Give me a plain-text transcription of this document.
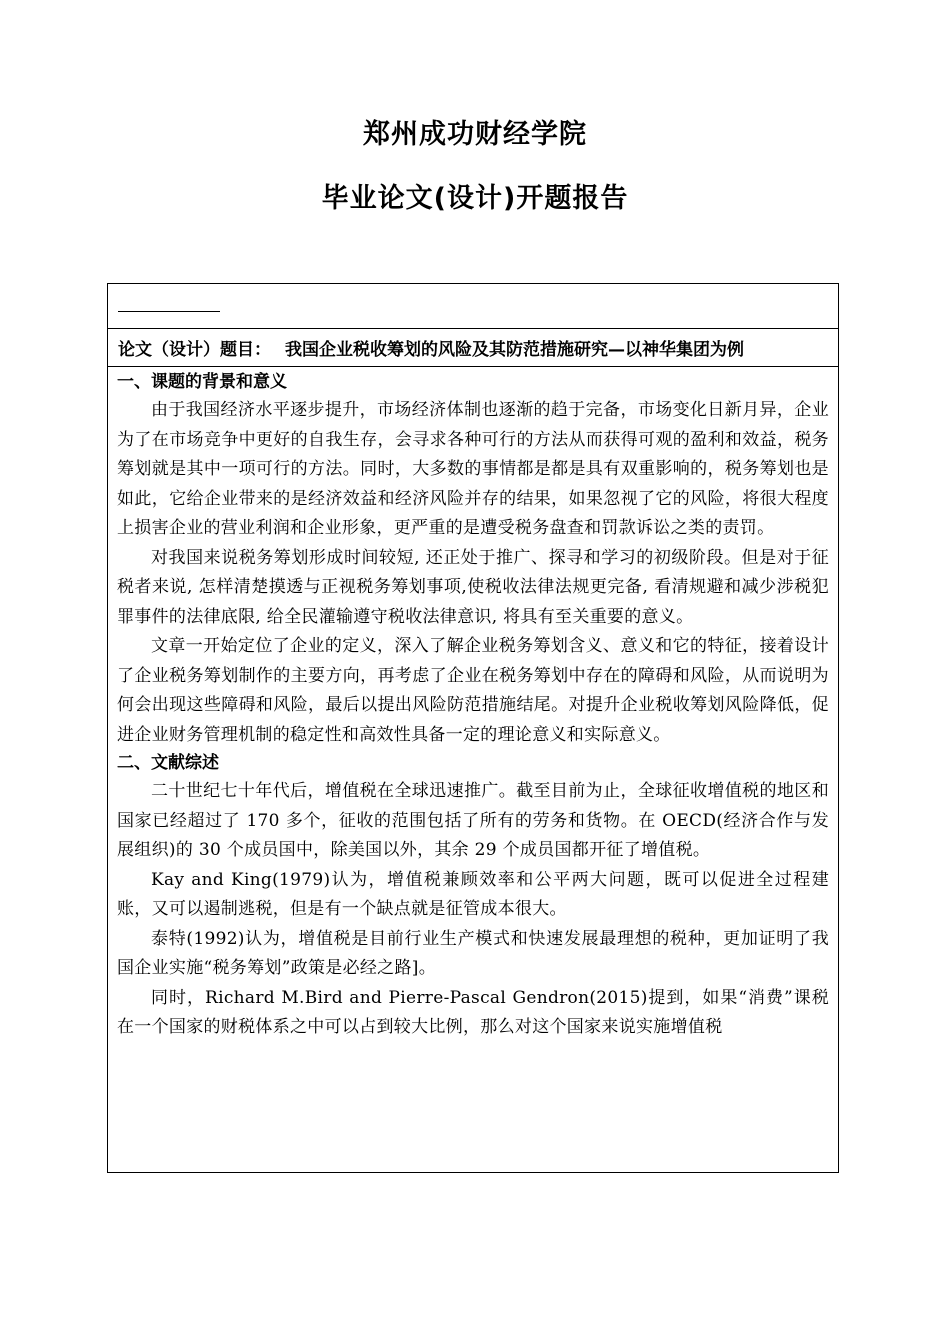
郑州成功财经学院
毕业论文(设计)开题报告
论文（设计）题目： 我国企业税收筹划的风险及其防范措施研究—以神华集团为例

一、课题的背景和意义

由于我国经济水平逐步提升，市场经济体制也逐渐的趋于完备，市场变化日新月异，企业为了在市场竞争中更好的自我生存，会寻求各种可行的方法从而获得可观的盈利和效益，税务筹划就是其中一项可行的方法。同时，大多数的事情都是都是具有双重影响的，税务筹划也是如此，它给企业带来的是经济效益和经济风险并存的结果，如果忽视了它的风险，将很大程度上损害企业的营业利润和企业形象，更严重的是遭受税务盘查和罚款诉讼之类的责罚。

对我国来说税务筹划形成时间较短, 还正处于推广、探寻和学习的初级阶段。但是对于征税者来说, 怎样清楚摸透与正视税务筹划事项,使税收法律法规更完备, 看清规避和减少涉税犯罪事件的法律底限, 给全民灌输遵守税收法律意识, 将具有至关重要的意义。

文章一开始定位了企业的定义，深入了解企业税务筹划含义、意义和它的特征，接着设计了企业税务筹划制作的主要方向，再考虑了企业在税务筹划中存在的障碍和风险，从而说明为何会出现这些障碍和风险，最后以提出风险防范措施结尾。对提升企业税收筹划风险降低，促进企业财务管理机制的稳定性和高效性具备一定的理论意义和实际意义。

二、文献综述

二十世纪七十年代后，增值税在全球迅速推广。截至目前为止，全球征收增值税的地区和国家已经超过了 170 多个，征收的范围包括了所有的劳务和货物。在 OECD(经济合作与发展组织)的 30 个成员国中，除美国以外，其余 29 个成员国都开征了增值税。

Kay and King(1979)认为，增值税兼顾效率和公平两大问题，既可以促进全过程建账，又可以遏制逃税，但是有一个缺点就是征管成本很大。

泰特(1992)认为，增值税是目前行业生产模式和快速发展最理想的税种，更加证明了我国企业实施“税务筹划”政策是必经之路]。

同时，Richard M.Bird and Pierre-Pascal Gendron(2015)提到，如果“消费”课税在一个国家的财税体系之中可以占到较大比例，那么对这个国家来说实施增值税
